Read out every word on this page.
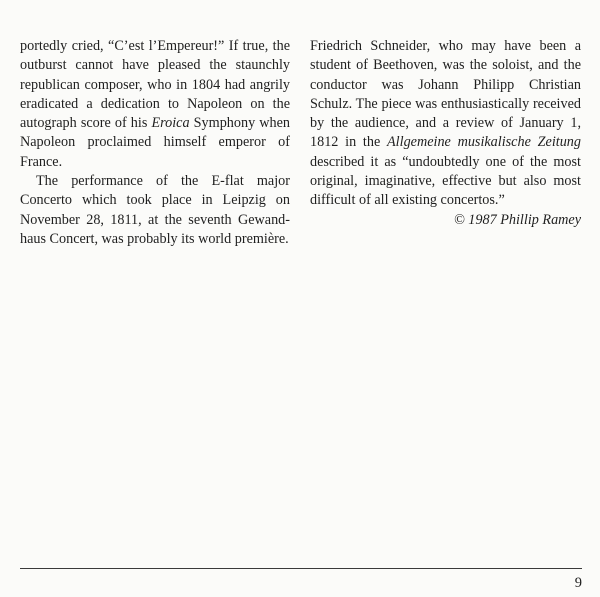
portedly cried, “C’est l’Empereur!” If true, the outburst cannot have pleased the staunchly republican composer, who in 1804 had angrily eradicated a dedication to Napoleon on the autograph score of his Eroica Symphony when Napoleon proclaimed himself emperor of France.

The performance of the E-flat major Concerto which took place in Leipzig on November 28, 1811, at the seventh Gewandhaus Concert, was probably its world première.

Friedrich Schneider, who may have been a student of Beethoven, was the soloist, and the conductor was Johann Philipp Christian Schulz. The piece was enthusiastically received by the audience, and a review of January 1, 1812 in the Allgemeine musikalische Zeitung described it as “undoubtedly one of the most original, imaginative, effective but also most difficult of all existing concertos.”

© 1987 Phillip Ramey

9
